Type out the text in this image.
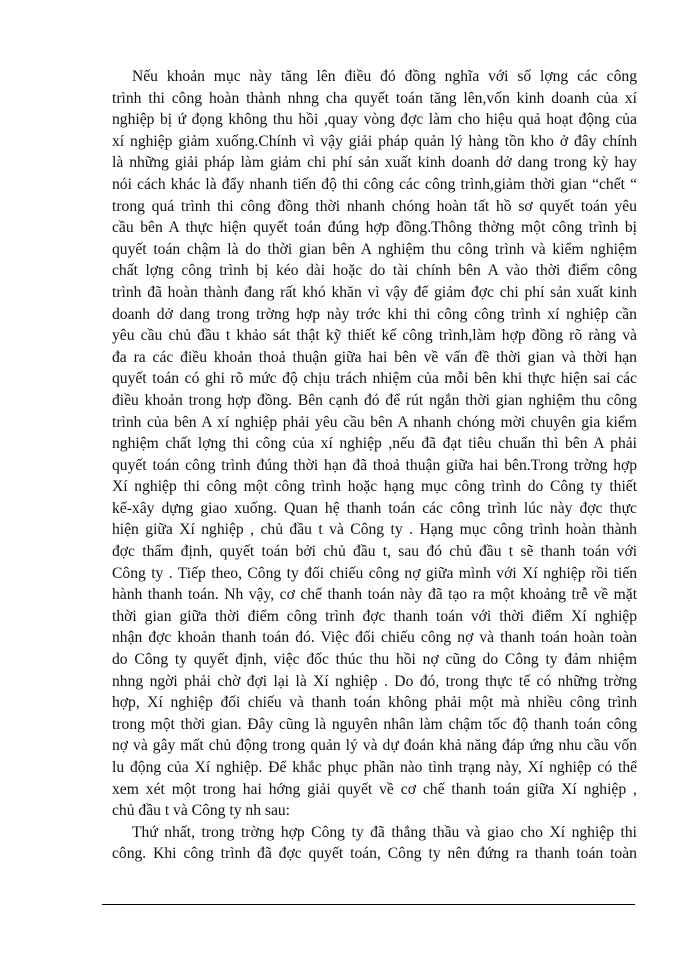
Nếu khoản mục này tăng lên điều đó đồng nghĩa với số lợng các công
trình thi công hoàn thành nhng cha quyết toán tăng lên,vốn kinh doanh của xí
nghiệp bị ứ đọng không thu hồi ,quay vòng đợc làm cho hiệu quả hoạt động của
xí nghiệp giảm xuống.Chính vì vậy giải pháp quản lý hàng tồn kho ở đây chính
là những giải pháp làm giảm chi phí sản xuất kinh doanh dở dang trong kỳ hay
nói cách khác là đẩy nhanh tiến độ thi công các công trình,giảm thời gian “chết “
trong quá trình thi công đồng thời nhanh chóng hoàn tất hồ sơ quyết toán yêu
cầu bên A thực hiện quyết toán đúng hợp đồng.Thông thờng một công trình bị
quyết toán chậm là do thời gian bên A nghiệm thu công trình và kiểm nghiệm
chất lợng công trình bị kéo dài hoặc do tài chính bên A vào thời điểm công
trình đã hoàn thành đang rất khó khăn vì vậy để giảm đợc chi phí sản xuất kinh
doanh dở dang trong trờng hợp này trớc khi thi công công trình xí nghiệp cần
yêu cầu chủ đầu t khảo sát thật kỹ thiết kế công trình,làm hợp đồng rõ ràng và
đa ra các điều khoản thoả thuận giữa hai bên về vấn đề thời gian và thời hạn
quyết toán có ghi rõ mức độ chịu trách nhiệm của mỗi bên khi thực hiện sai các
điều khoản trong hợp đồng. Bên cạnh đó để rút ngắn thời gian nghiệm thu công
trình của bên A xí nghiệp phải yêu cầu bên A nhanh chóng mời chuyên gia kiểm
nghiệm chất lợng thi công của xí nghiệp ,nếu đã đạt tiêu chuẩn thì bên A phải
quyết toán công trình đúng thời hạn đã thoả thuận giữa hai bên.Trong trờng hợp
Xí nghiệp thi công một công trình hoặc hạng mục công trình do Công ty thiết
kế-xây dựng giao xuống. Quan hệ thanh toán các công trình lúc này đợc thực
hiện giữa Xí nghiệp , chủ đầu t và Công ty . Hạng mục công trình hoàn thành
đợc thẩm định, quyết toán bởi chủ đầu t, sau đó chủ đầu t sẽ thanh toán với
Công ty . Tiếp theo, Công ty đối chiếu công nợ giữa mình với Xí nghiệp rồi tiến
hành thanh toán. Nh vậy, cơ chế thanh toán này đã tạo ra một khoảng trễ về mặt
thời gian giữa thời điểm công trình đợc thanh toán với thời điểm Xí nghiệp
nhận đợc khoản thanh toán đó. Việc đối chiếu công nợ và thanh toán hoàn toàn
do Công ty quyết định, việc đốc thúc thu hồi nợ cũng do Công ty đảm nhiệm
nhng ngời phải chờ đợi lại là Xí nghiệp . Do đó, trong thực tế có những trờng
hợp, Xí nghiệp đối chiếu và thanh toán không phải một mà nhiều công trình
trong một thời gian. Đây cũng là nguyên nhân làm chậm tốc độ thanh toán công
nợ và gây mất chủ động trong quản lý và dự đoán khả năng đáp ứng nhu cầu vốn
lu động của Xí nghiệp. Để khắc phục phần nào tình trạng này, Xí nghiệp có thể
xem xét một trong hai hớng giải quyết về cơ chế thanh toán giữa Xí nghiệp ,
chủ đầu t và Công ty nh sau:
Thứ nhất, trong trờng hợp Công ty đã thắng thầu và giao cho Xí nghiệp thi
công. Khi công trình đã đợc quyết toán, Công ty nên đứng ra thanh toán toàn
